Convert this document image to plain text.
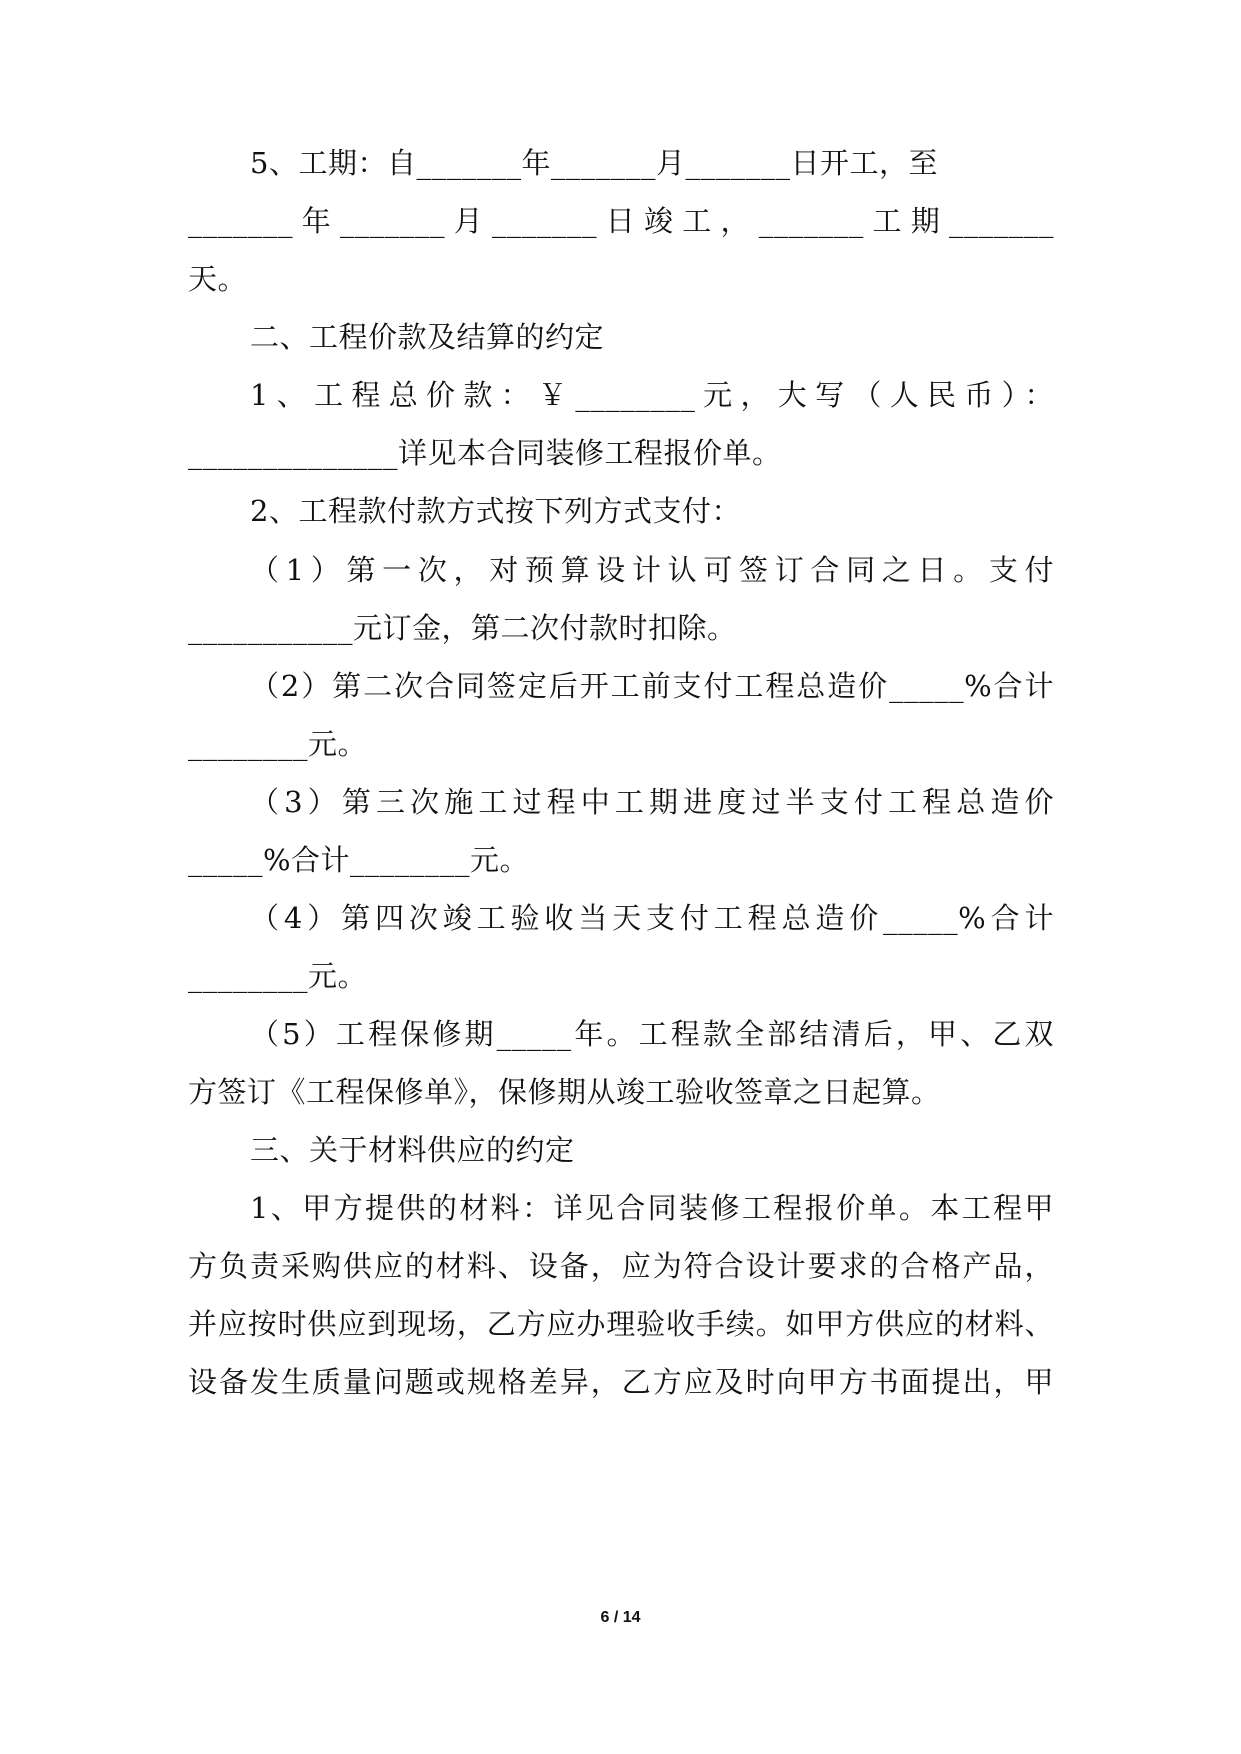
5、工期：自_______年_______月_______日开工，至
_______年_______月_______日竣工，_______工期_______
天。
二、工程价款及结算的约定
1、工程总价款：￥________元，大写（人民币）：
______________详见本合同装修工程报价单。
2、工程款付款方式按下列方式支付：
（1）第一次，对预算设计认可签订合同之日。支付
___________元订金，第二次付款时扣除。
（2）第二次合同签定后开工前支付工程总造价_____%合计
________元。
（3）第三次施工过程中工期进度过半支付工程总造价
_____%合计________元。
（4）第四次竣工验收当天支付工程总造价_____%合计
________元。
（5）工程保修期_____年。工程款全部结清后，甲、乙双
方签订《工程保修单》，保修期从竣工验收签章之日起算。
三、关于材料供应的约定
1、甲方提供的材料：详见合同装修工程报价单。本工程甲
方负责采购供应的材料、设备，应为符合设计要求的合格产品，
并应按时供应到现场，乙方应办理验收手续。如甲方供应的材料、
设备发生质量问题或规格差异，乙方应及时向甲方书面提出，甲
6 / 14
